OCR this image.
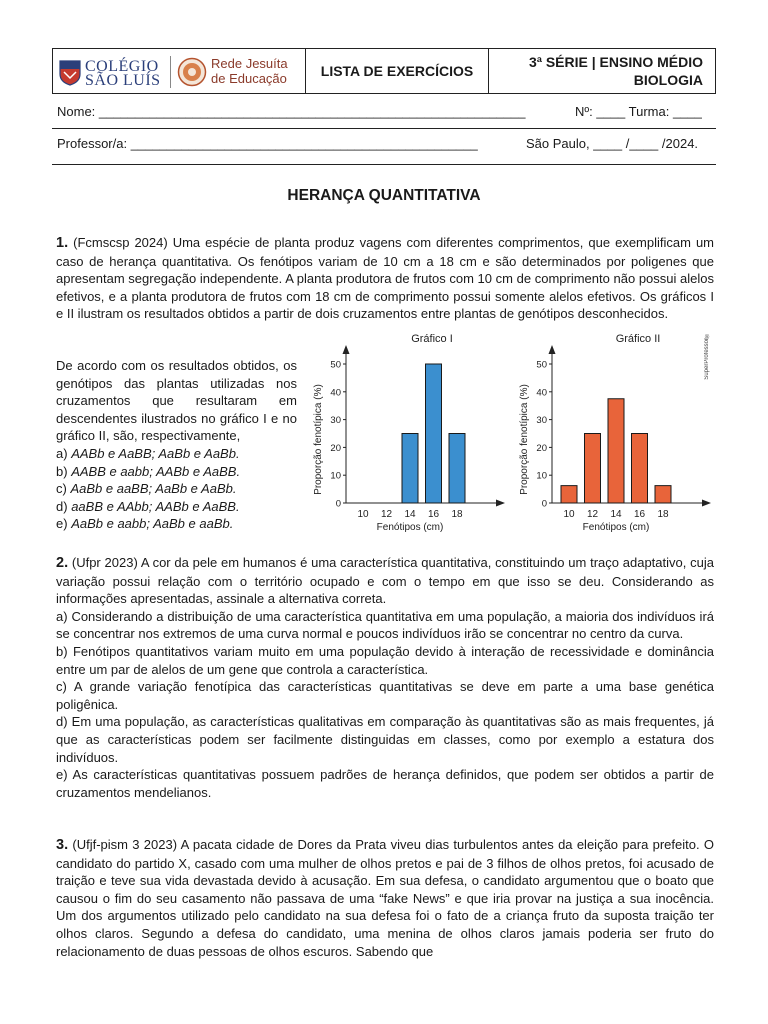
COLÉGIO
SÃO LUÍS
Rede Jesuíta
de Educação	LISTA DE EXERCÍCIOS
3ª SÉRIE | ENSINO MÉDIO
BIOLOGIA
Nome: ___________________________________________________________	Nº: ____ Turma: ____
Professor/a: ________________________________________________	São Paulo, ____ /____ /2024.
HERANÇA QUANTITATIVA
1. (Fcmscsp 2024) Uma espécie de planta produz vagens com diferentes comprimentos, que exemplificam um caso de herança quantitativa. Os fenótipos variam de 10 cm a 18 cm e são determinados por poligenes que apresentam segregação independente. A planta produtora de frutos com 10 cm de comprimento não possui alelos efetivos, e a planta produtora de frutos com 18 cm de comprimento possui somente alelos efetivos. Os gráficos I e II ilustram os resultados obtidos a partir de dois cruzamentos entre plantas de genótipos desconhecidos.

De acordo com os resultados obtidos, os genótipos das plantas utilizadas nos cruzamentos que resultaram em descendentes ilustrados no gráfico I e no gráfico II, são, respectivamente,

a) AABb e AaBB; AaBb e AaBb.
b) AABB e aabb; AABb e AaBB.
c) AaBb e aaBB; AaBb e AaBb.
d) aaBB e AAbb; AABb e AaBB.
e) AaBb e aabb; AaBb e aaBb.
Gráfico I
0
10
20
30
40
50
Proporção fenotípica (%)
10 12 14 16 18
Fenótipos (cm)
Gráfico II
0
10
20
30
40
50
Proporção fenotípica (%)
10 12 14 16 18
Fenótipos (cm)
SuperProfessor®

2. (Ufpr 2023) A cor da pele em humanos é uma característica quantitativa, constituindo um traço adaptativo, cuja variação possui relação com o território ocupado e com o tempo em que isso se deu. Considerando as informações apresentadas, assinale a alternativa correta.

a) Considerando a distribuição de uma característica quantitativa em uma população, a maioria dos indivíduos irá se concentrar nos extremos de uma curva normal e poucos indivíduos irão se concentrar no centro da curva.

b) Fenótipos quantitativos variam muito em uma população devido à interação de recessividade e dominância entre um par de alelos de um gene que controla a característica.

c) A grande variação fenotípica das características quantitativas se deve em parte a uma base genética poligênica.

d) Em uma população, as características qualitativas em comparação às quantitativas são as mais frequentes, já que as características podem ser facilmente distinguidas em classes, como por exemplo a estatura dos indivíduos.

e) As características quantitativas possuem padrões de herança definidos, que podem ser obtidos a partir de cruzamentos mendelianos.

3. (Ufjf-pism 3 2023) A pacata cidade de Dores da Prata viveu dias turbulentos antes da eleição para prefeito. O candidato do partido X, casado com uma mulher de olhos pretos e pai de 3 filhos de olhos pretos, foi acusado de traição e teve sua vida devastada devido à acusação. Em sua defesa, o candidato argumentou que o boato que causou o fim do seu casamento não passava de uma “fake News” e que iria provar na justiça a sua inocência. Um dos argumentos utilizado pelo candidato na sua defesa foi o fato de a criança fruto da suposta traição ter olhos claros. Segundo a defesa do candidato, uma menina de olhos claros jamais poderia ser fruto do relacionamento de duas pessoas de olhos escuros. Sabendo que
